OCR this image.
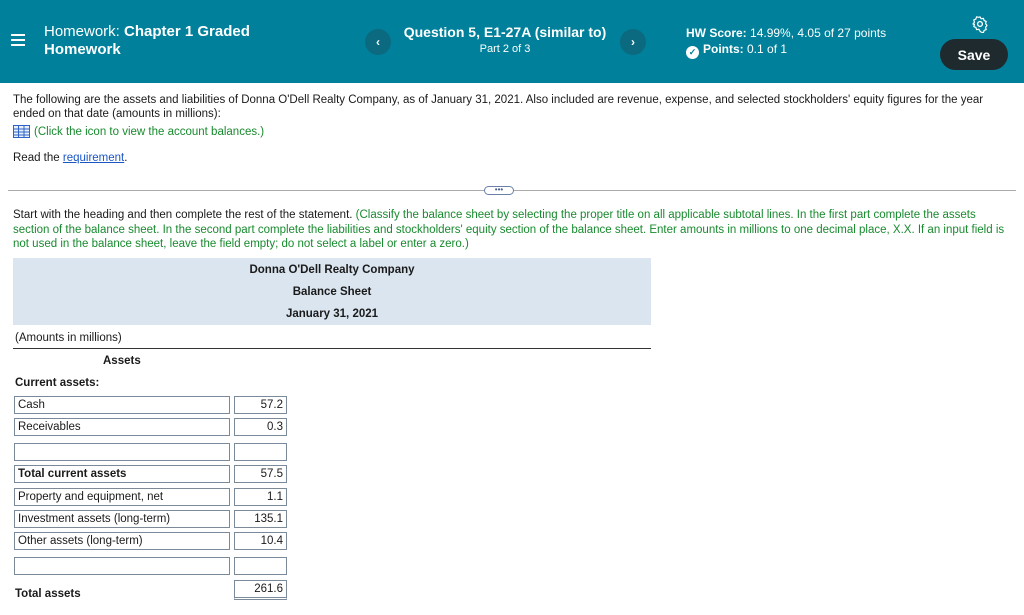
Homework: Chapter 1 Graded
Homework	‹
Question 5, E1-27A (similar to)
Part 2 of 3	›
HW Score: 14.99%, 4.05 of 27 points
✓ Points: 0.1 of 1	Save
The following are the assets and liabilities of Donna O'Dell Realty Company, as of January 31, 2021. Also included are revenue, expense, and selected stockholders' equity figures for the year ended on that date (amounts in millions):
(Click the icon to view the account balances.)
Read the requirement.
•••
Start with the heading and then complete the rest of the statement. (Classify the balance sheet by selecting the proper title on all applicable subtotal lines. In the first part complete the assets section of the balance sheet. In the second part complete the liabilities and stockholders' equity section of the balance sheet. Enter amounts in millions to one decimal place, X.X. If an input field is not used in the balance sheet, leave the field empty; do not select a label or enter a zero.)
Donna O'Dell Realty Company
Balance Sheet
January 31, 2021
(Amounts in millions)
Assets
Current assets:
Cash	57.2
Receivables	0.3
Total current assets	57.5
Property and equipment, net	1.1
Investment assets (long-term)	135.1
Other assets (long-term)	10.4
Total assets	261.6
